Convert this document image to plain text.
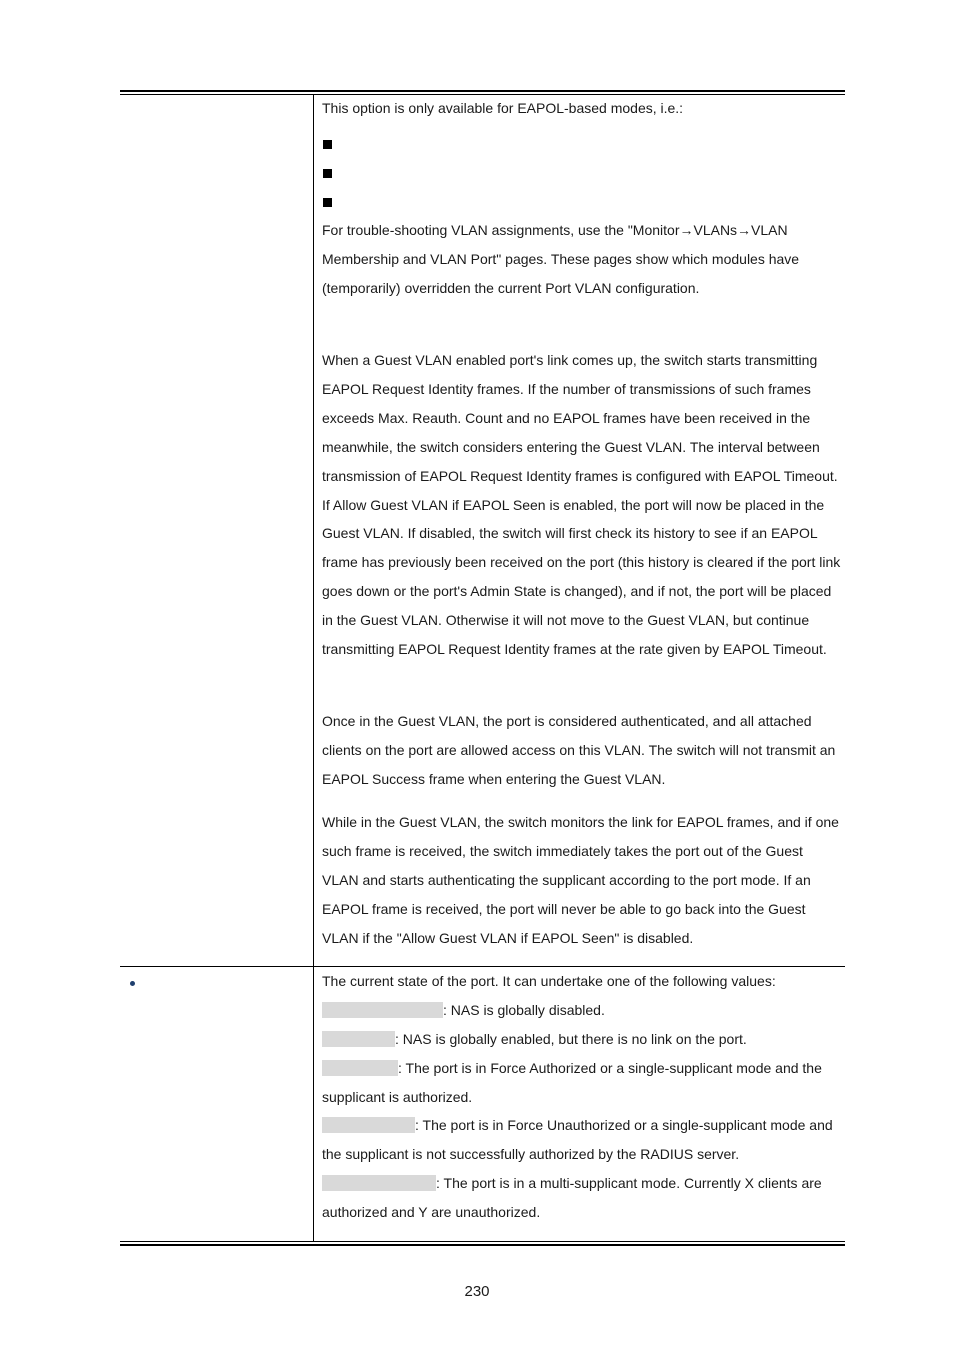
This option is only available for EAPOL-based modes, i.e.:

For trouble-shooting VLAN assignments, use the "Monitor→VLANs→VLAN Membership and VLAN Port" pages. These pages show which modules have (temporarily) overridden the current Port VLAN configuration.

When a Guest VLAN enabled port's link comes up, the switch starts transmitting EAPOL Request Identity frames. If the number of transmissions of such frames exceeds Max. Reauth. Count and no EAPOL frames have been received in the meanwhile, the switch considers entering the Guest VLAN. The interval between transmission of EAPOL Request Identity frames is configured with EAPOL Timeout. If Allow Guest VLAN if EAPOL Seen is enabled, the port will now be placed in the Guest VLAN. If disabled, the switch will first check its history to see if an EAPOL frame has previously been received on the port (this history is cleared if the port link goes down or the port's Admin State is changed), and if not, the port will be placed in the Guest VLAN. Otherwise it will not move to the Guest VLAN, but continue transmitting EAPOL Request Identity frames at the rate given by EAPOL Timeout.

Once in the Guest VLAN, the port is considered authenticated, and all attached clients on the port are allowed access on this VLAN. The switch will not transmit an EAPOL Success frame when entering the Guest VLAN.

While in the Guest VLAN, the switch monitors the link for EAPOL frames, and if one such frame is received, the switch immediately takes the port out of the Guest VLAN and starts authenticating the supplicant according to the port mode. If an EAPOL frame is received, the port will never be able to go back into the Guest VLAN if the "Allow Guest VLAN if EAPOL Seen" is disabled.

The current state of the port. It can undertake one of the following values:

: NAS is globally disabled.

: NAS is globally enabled, but there is no link on the port.

: The port is in Force Authorized or a single-supplicant mode and the supplicant is authorized.

: The port is in Force Unauthorized or a single-supplicant mode and the supplicant is not successfully authorized by the RADIUS server.

: The port is in a multi-supplicant mode. Currently X clients are authorized and Y are unauthorized.

230
